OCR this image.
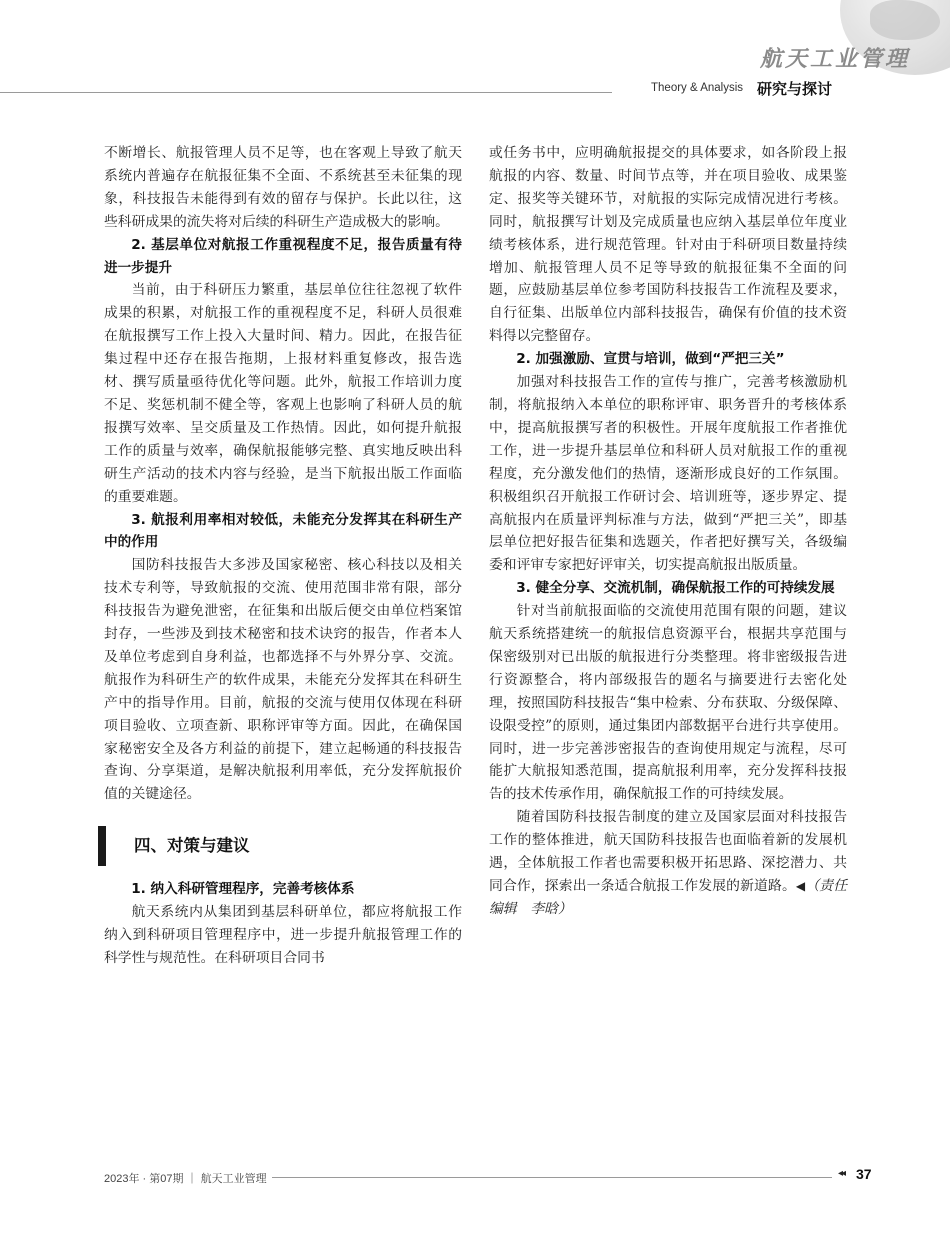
航天工业管理
Theory & Analysis 研究与探讨

不断增长、航报管理人员不足等，也在客观上导致了航天系统内普遍存在航报征集不全面、不系统甚至未征集的现象，科技报告未能得到有效的留存与保护。长此以往，这些科研成果的流失将对后续的科研生产造成极大的影响。

2. 基层单位对航报工作重视程度不足，报告质量有待进一步提升

当前，由于科研压力繁重，基层单位往往忽视了软件成果的积累，对航报工作的重视程度不足，科研人员很难在航报撰写工作上投入大量时间、精力。因此，在报告征集过程中还存在报告拖期，上报材料重复修改，报告选材、撰写质量亟待优化等问题。此外，航报工作培训力度不足、奖惩机制不健全等，客观上也影响了科研人员的航报撰写效率、呈交质量及工作热情。因此，如何提升航报工作的质量与效率，确保航报能够完整、真实地反映出科研生产活动的技术内容与经验，是当下航报出版工作面临的重要难题。

3. 航报利用率相对较低，未能充分发挥其在科研生产中的作用

国防科技报告大多涉及国家秘密、核心科技以及相关技术专利等，导致航报的交流、使用范围非常有限，部分科技报告为避免泄密，在征集和出版后便交由单位档案馆封存，一些涉及到技术秘密和技术诀窍的报告，作者本人及单位考虑到自身利益，也都选择不与外界分享、交流。航报作为科研生产的软件成果，未能充分发挥其在科研生产中的指导作用。目前，航报的交流与使用仅体现在科研项目验收、立项查新、职称评审等方面。因此，在确保国家秘密安全及各方利益的前提下，建立起畅通的科技报告查询、分享渠道，是解决航报利用率低，充分发挥航报价值的关键途径。

四、对策与建议

1. 纳入科研管理程序，完善考核体系

航天系统内从集团到基层科研单位，都应将航报工作纳入到科研项目管理程序中，进一步提升航报管理工作的科学性与规范性。在科研项目合同书

或任务书中，应明确航报提交的具体要求，如各阶段上报航报的内容、数量、时间节点等，并在项目验收、成果鉴定、报奖等关键环节，对航报的实际完成情况进行考核。同时，航报撰写计划及完成质量也应纳入基层单位年度业绩考核体系，进行规范管理。针对由于科研项目数量持续增加、航报管理人员不足等导致的航报征集不全面的问题，应鼓励基层单位参考国防科技报告工作流程及要求，自行征集、出版单位内部科技报告，确保有价值的技术资料得以完整留存。

2. 加强激励、宣贯与培训，做到“严把三关”

加强对科技报告工作的宣传与推广，完善考核激励机制，将航报纳入本单位的职称评审、职务晋升的考核体系中，提高航报撰写者的积极性。开展年度航报工作者推优工作，进一步提升基层单位和科研人员对航报工作的重视程度，充分激发他们的热情，逐渐形成良好的工作氛围。积极组织召开航报工作研讨会、培训班等，逐步界定、提高航报内在质量评判标准与方法，做到“严把三关”，即基层单位把好报告征集和选题关，作者把好撰写关，各级编委和评审专家把好评审关，切实提高航报出版质量。

3. 健全分享、交流机制，确保航报工作的可持续发展

针对当前航报面临的交流使用范围有限的问题，建议航天系统搭建统一的航报信息资源平台，根据共享范围与保密级别对已出版的航报进行分类整理。将非密级报告进行资源整合，将内部级报告的题名与摘要进行去密化处理，按照国防科技报告“集中检索、分布获取、分级保障、设限受控”的原则，通过集团内部数据平台进行共享使用。同时，进一步完善涉密报告的查询使用规定与流程，尽可能扩大航报知悉范围，提高航报利用率，充分发挥科技报告的技术传承作用，确保航报工作的可持续发展。

随着国防科技报告制度的建立及国家层面对科技报告工作的整体推进，航天国防科技报告也面临着新的发展机遇，全体航报工作者也需要积极开拓思路、深挖潜力、共同合作，探索出一条适合航报工作发展的新道路。◀（责任编辑　李晗）

2023年 · 第07期 ｜ 航天工业管理	◂◂ 37
